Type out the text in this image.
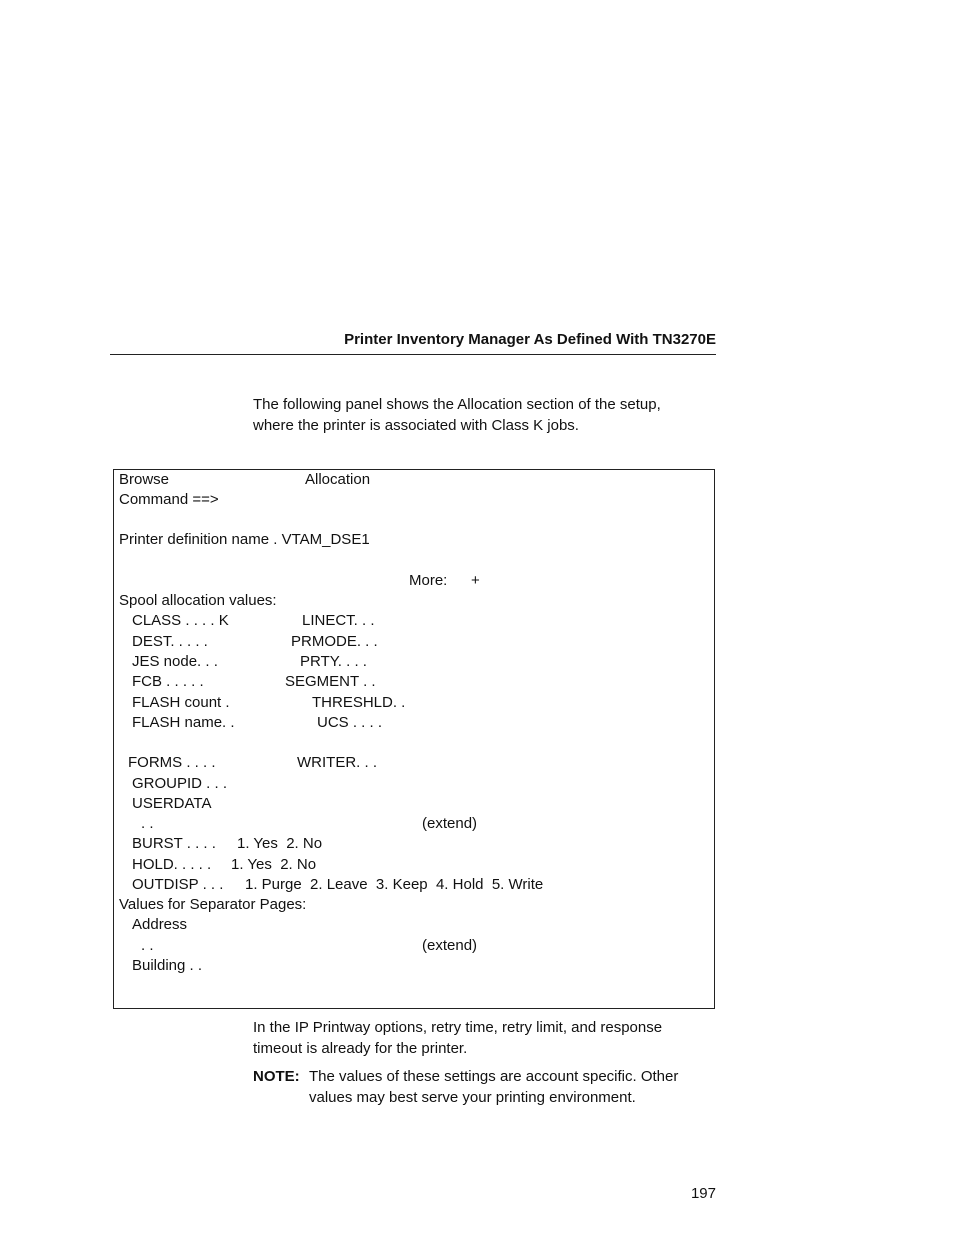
Printer Inventory Manager As Defined With TN3270E
The following panel shows the Allocation section of the setup,
where the printer is associated with Class K jobs.
Browse	Allocation
Command ==>
Printer definition name . VTAM_DSE1
More: +
Spool allocation values:
CLASS . . . . K	LINECT. . .
DEST. . . . .	PRMODE. . .
JES node. . .	PRTY. . . .
FCB . . . . .	SEGMENT . .
FLASH count .	THRESHLD. .
FLASH name. .	UCS . . . .
FORMS . . . .	WRITER. . .
GROUPID . . .
USERDATA
. .	(extend)
BURST . . . . 1. Yes  2. No
HOLD. . . . . 1. Yes  2. No
OUTDISP . . . 1. Purge  2. Leave  3. Keep  4. Hold  5. Write
Values for Separator Pages:
Address
. .	(extend)
Building . .
In the IP Printway options, retry time, retry limit, and response
timeout is already for the printer.
NOTE: The values of these settings are account specific. Other
values may best serve your printing environment.
197
